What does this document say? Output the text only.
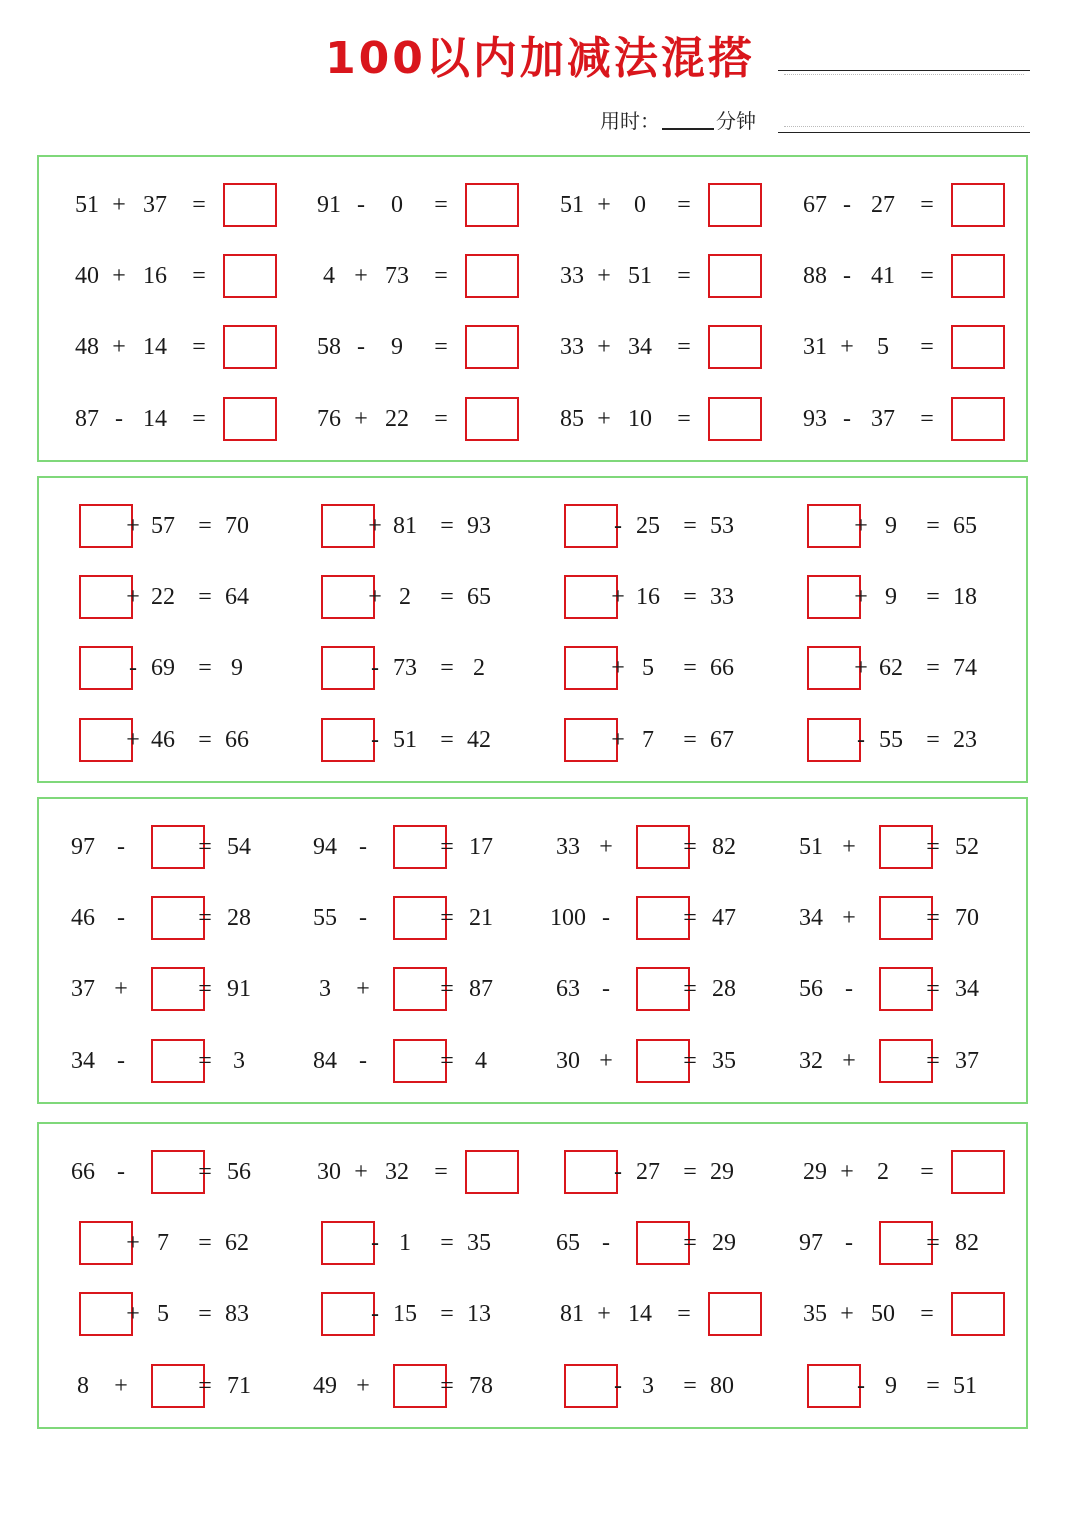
100以内加减法混搭
用时：	分钟
51 + 37 =	91 -	0	=	51 + 0	=	67 - 27 =
40 + 16 =	4 + 73 =	33 + 51 =	88 - 41 =
48 + 14 =	58 -	9	=	33 + 34 =	31 + 5	=
87 - 14 =	76 + 22 =	85 + 10 =	93 - 37 =
+ 57 = 70	+ 81 = 93	- 25 = 53	+ 9 = 65
+ 22 = 64	+ 2 = 65	+ 16 = 33	+ 9 = 18
- 69 = 9	- 73 = 2	+ 5 = 66	+ 62 = 74
+ 46 = 66	- 51 = 42	+ 7 = 67	- 55 = 23
97 -	= 54	94 -	= 17	33 +	= 82	51 +	= 52
46 -	= 28	55 -	= 21 100 -	= 47	34 +	= 70
37 +	= 91	3	+	= 87	63 -	= 28	56 -	= 34
34 -	= 3	84 -	= 4	30 +	= 35	32 +	= 37
66 -	= 56	30 + 32 =	- 27 = 29	29 + 2	=
+ 7 = 62	- 1 = 35	65 -	= 29	97 -	= 82
+ 5 = 83	- 15 = 13	81 + 14 =	35 + 50 =
8	+	= 71	49 +	= 78	- 3 = 80	- 9 = 51
